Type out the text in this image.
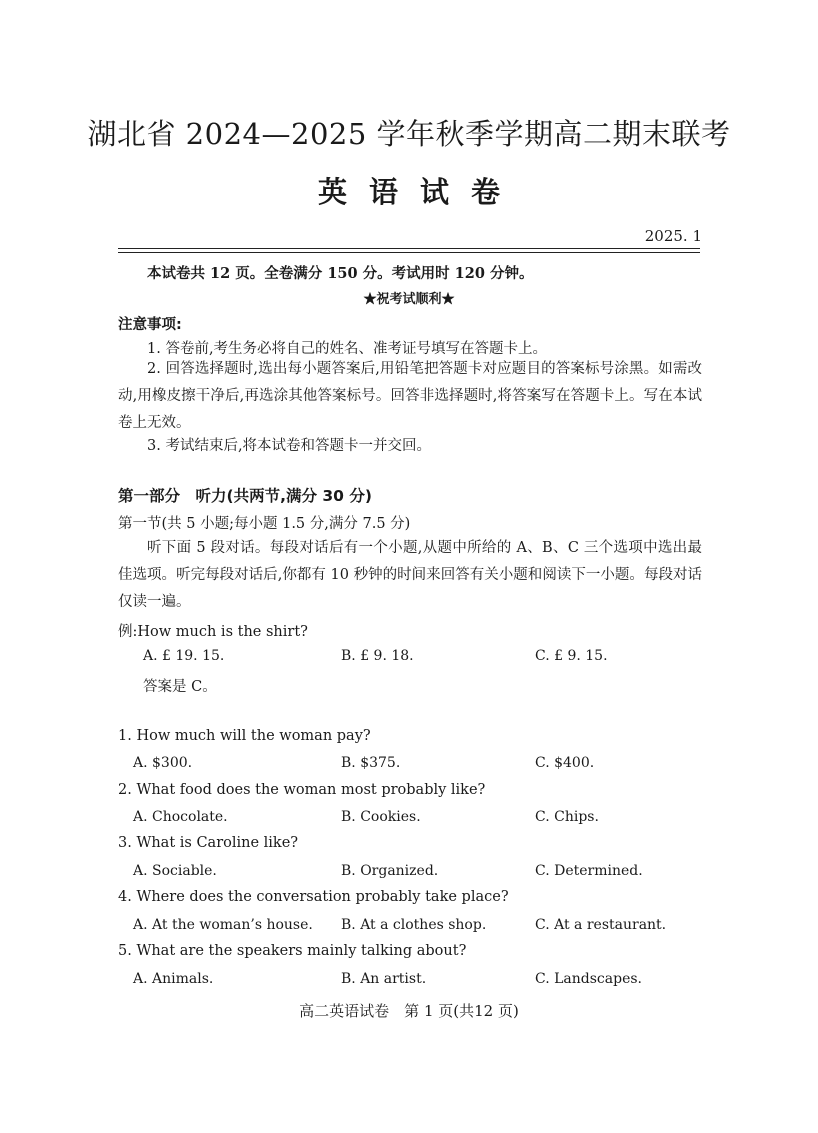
湖北省 2024—2025 学年秋季学期高二期末联考
英语试卷
2025. 1
本试卷共 12 页。全卷满分 150 分。考试用时 120 分钟。
★祝考试顺利★
注意事项:
1. 答卷前,考生务必将自己的姓名、准考证号填写在答题卡上。
2. 回答选择题时,选出每小题答案后,用铅笔把答题卡对应题目的答案标号涂黑。如需改动,用橡皮擦干净后,再选涂其他答案标号。回答非选择题时,将答案写在答题卡上。写在本试卷上无效。
3. 考试结束后,将本试卷和答题卡一并交回。
第一部分　听力(共两节,满分 30 分)
第一节(共 5 小题;每小题 1.5 分,满分 7.5 分)
听下面 5 段对话。每段对话后有一个小题,从题中所给的 A、B、C 三个选项中选出最佳选项。听完每段对话后,你都有 10 秒钟的时间来回答有关小题和阅读下一小题。每段对话仅读一遍。
例:How much is the shirt?
A. £ 19. 15.	B. £ 9. 18.	C. £ 9. 15.
答案是 C。
1. How much will the woman pay?
A. $300.	B. $375.	C. $400.
2. What food does the woman most probably like?
A. Chocolate.	B. Cookies.	C. Chips.
3. What is Caroline like?
A. Sociable.	B. Organized.	C. Determined.
4. Where does the conversation probably take place?
A. At the woman’s house. B. At a clothes shop.	C. At a restaurant.
5. What are the speakers mainly talking about?
A. Animals.	B. An artist.	C. Landscapes.
高二英语试卷　第 1 页(共12 页)
